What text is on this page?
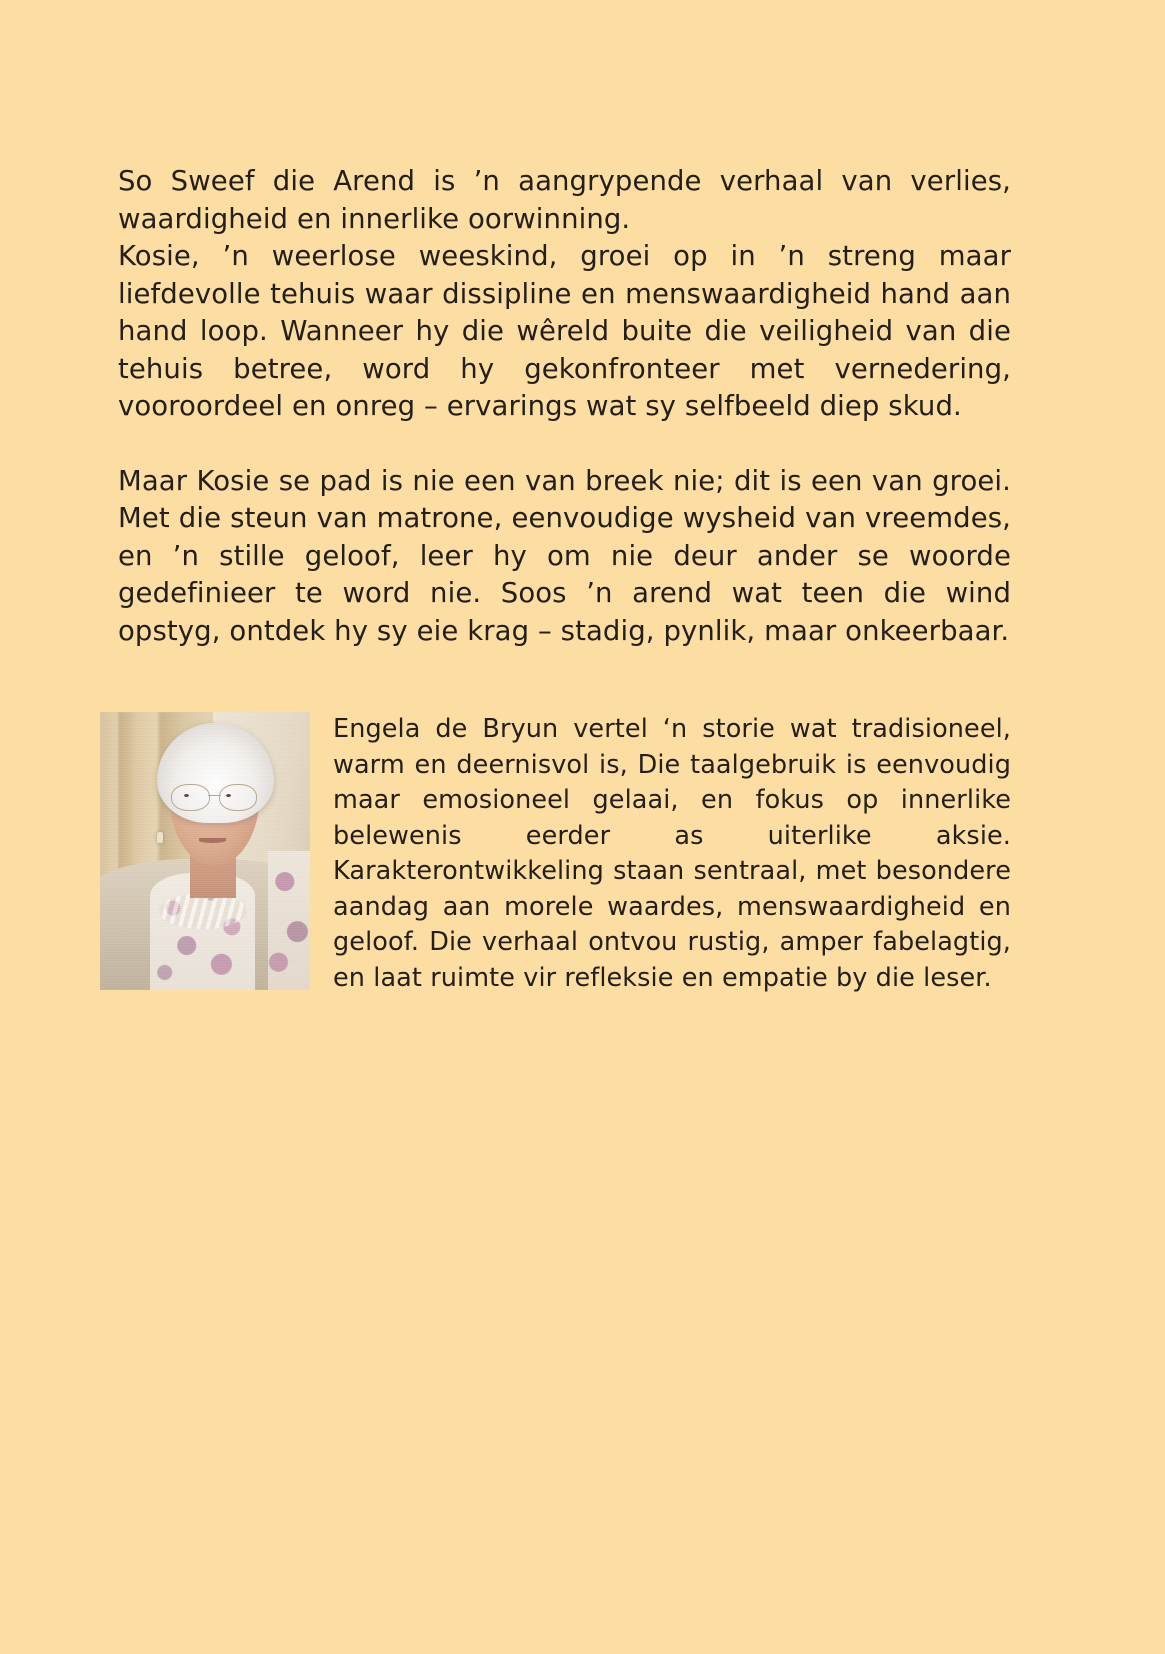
So Sweef die Arend is ’n aangrypende verhaal van verlies, waardigheid en innerlike oorwinning.
Kosie, ’n weerlose weeskind, groei op in ’n streng maar liefdevolle tehuis waar dissipline en menswaardigheid hand aan hand loop. Wanneer hy die wêreld buite die veiligheid van die tehuis betree, word hy gekonfronteer met vernedering, vooroordeel en onreg – ervarings wat sy selfbeeld diep skud.

Maar Kosie se pad is nie een van breek nie; dit is een van groei. Met die steun van matrone, eenvoudige wysheid van vreemdes, en ’n stille geloof, leer hy om nie deur ander se woorde gedefinieer te word nie. Soos ’n arend wat teen die wind opstyg, ontdek hy sy eie krag – stadig, pynlik, maar onkeerbaar.

Engela de Bryun vertel ‘n storie wat tradisioneel, warm en deernisvol is, Die taalgebruik is eenvoudig maar emosioneel gelaai, en fokus op innerlike belewenis eerder as uiterlike aksie. Karakterontwikkeling staan sentraal, met besondere aandag aan morele waardes, menswaardigheid en geloof. Die verhaal ontvou rustig, amper fabelagtig, en laat ruimte vir refleksie en empatie by die leser.
